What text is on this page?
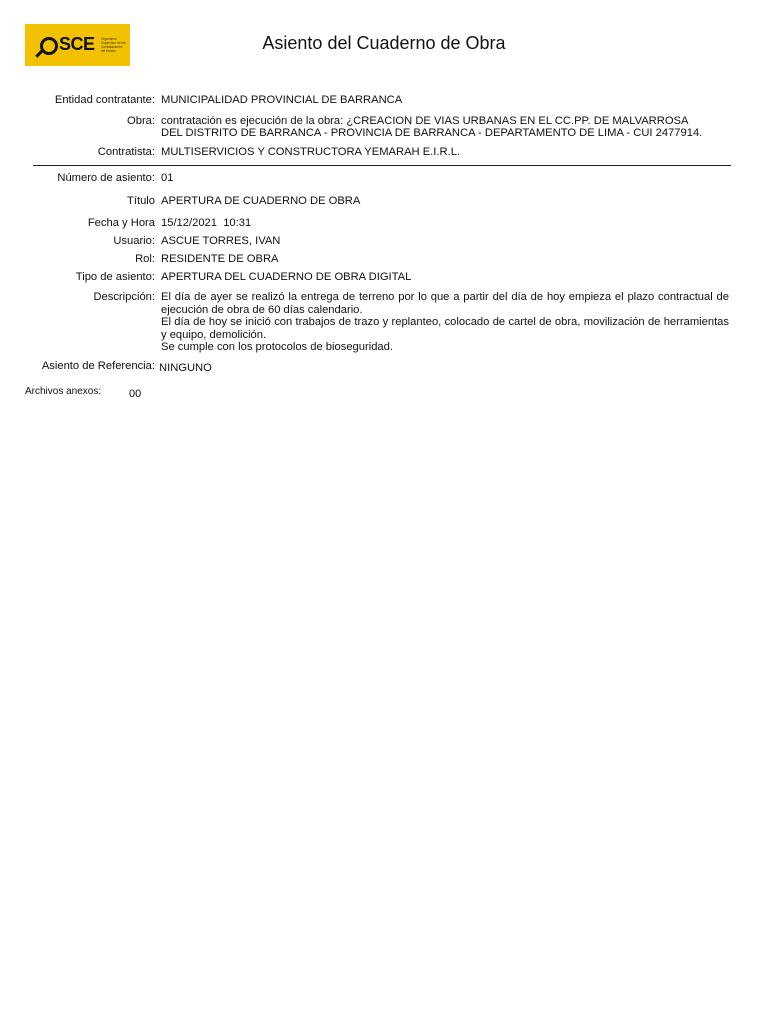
SCE Organismo Supervisor de las Contrataciones del Estado	Asiento del Cuaderno de Obra
Entidad contratante: MUNICIPALIDAD PROVINCIAL DE BARRANCA
Obra: contratación es ejecución de la obra: ¿CREACION DE VIAS URBANAS EN EL CC.PP. DE MALVARROSA
DEL DISTRITO DE BARRANCA - PROVINCIA DE BARRANCA - DEPARTAMENTO DE LIMA - CUI 2477914.
Contratista: MULTISERVICIOS Y CONSTRUCTORA YEMARAH E.I.R.L.
Número de asiento: 01
Título APERTURA DE CUADERNO DE OBRA
Fecha y Hora 15/12/2021  10:31
Usuario: ASCUE TORRES, IVAN
Rol: RESIDENTE DE OBRA
Tipo de asiento: APERTURA DEL CUADERNO DE OBRA DIGITAL
Descripción: El día de ayer se realizó la entrega de terreno por lo que a partir del día de hoy empieza el plazo contractual de ejecución de obra de 60 días calendario.
El día de hoy se inició con trabajos de trazo y replanteo, colocado de cartel de obra, movilización de herramientas y equipo, demolición.
Se cumple con los protocolos de bioseguridad.
Asiento de Referencia: NINGUNO
Archivos anexos:	00
